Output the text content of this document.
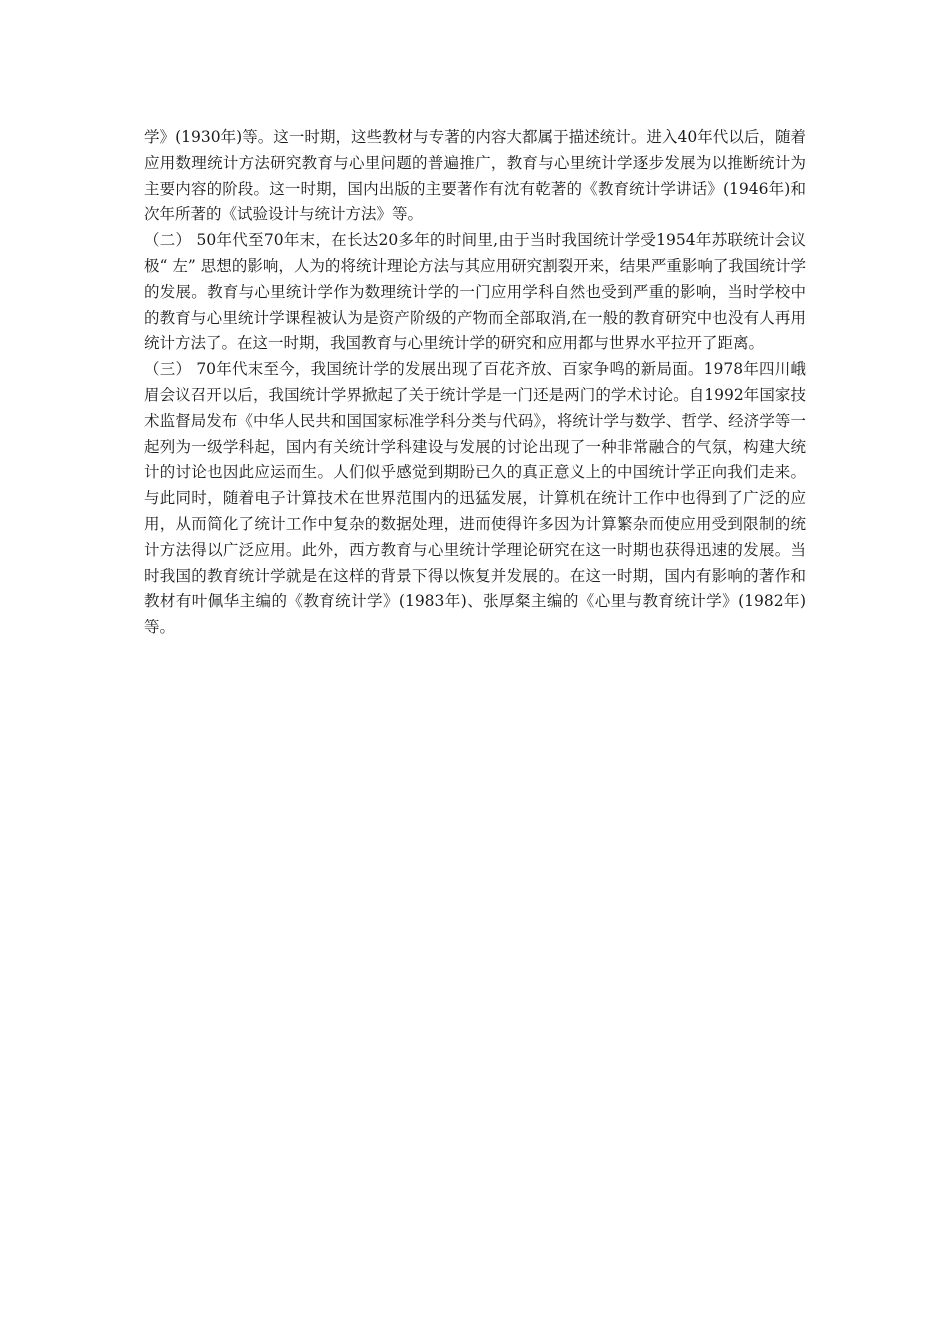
学》(1930年)等。这一时期，这些教材与专著的内容大都属于描述统计。进入40年代以后，随着应用数理统计方法研究教育与心里问题的普遍推广，教育与心里统计学逐步发展为以推断统计为主要内容的阶段。这一时期，国内出版的主要著作有沈有乾著的《教育统计学讲话》(1946年)和次年所著的《试验设计与统计方法》等。

（二） 50年代至70年末，在长达20多年的时间里,由于当时我国统计学受1954年苏联统计会议极“ 左” 思想的影响，人为的将统计理论方法与其应用研究割裂开来，结果严重影响了我国统计学的发展。教育与心里统计学作为数理统计学的一门应用学科自然也受到严重的影响，当时学校中的教育与心里统计学课程被认为是资产阶级的产物而全部取消,在一般的教育研究中也没有人再用统计方法了。在这一时期，我国教育与心里统计学的研究和应用都与世界水平拉开了距离。

（三） 70年代末至今，我国统计学的发展出现了百花齐放、百家争鸣的新局面。1978年四川峨眉会议召开以后，我国统计学界掀起了关于统计学是一门还是两门的学术讨论。自1992年国家技术监督局发布《中华人民共和国国家标准学科分类与代码》，将统计学与数学、哲学、经济学等一起列为一级学科起，国内有关统计学科建设与发展的讨论出现了一种非常融合的气氛，构建大统计的讨论也因此应运而生。人们似乎感觉到期盼已久的真正意义上的中国统计学正向我们走来。与此同时，随着电子计算技术在世界范围内的迅猛发展，计算机在统计工作中也得到了广泛的应用，从而简化了统计工作中复杂的数据处理，进而使得许多因为计算繁杂而使应用受到限制的统计方法得以广泛应用。此外，西方教育与心里统计学理论研究在这一时期也获得迅速的发展。当时我国的教育统计学就是在这样的背景下得以恢复并发展的。在这一时期，国内有影响的著作和教材有叶佩华主编的《教育统计学》(1983年)、张厚粲主编的《心里与教育统计学》(1982年)等。
